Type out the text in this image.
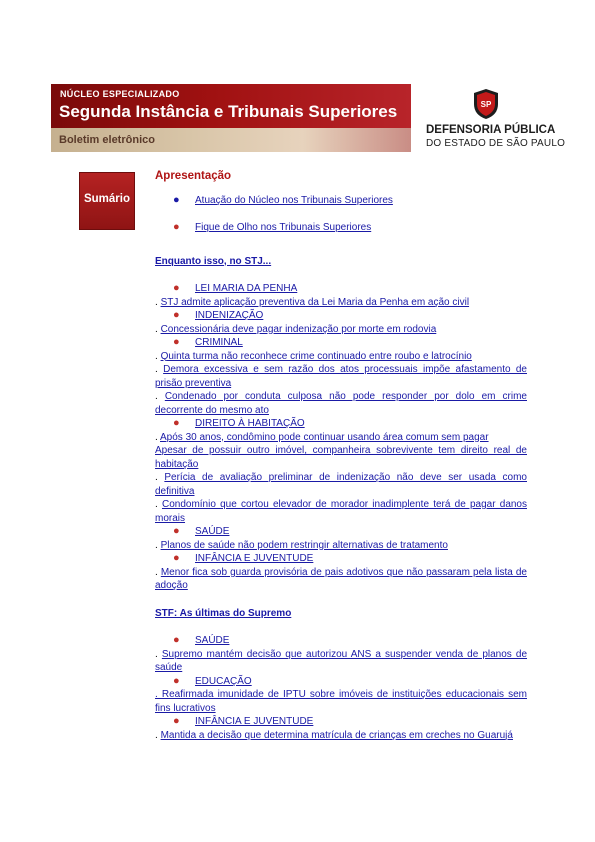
NÚCLEO ESPECIALIZADO
Segunda Instância e Tribunais Superiores
Boletim eletrônico
SP
DEFENSORIA PÚBLICA
DO ESTADO DE SÃO PAULO
Sumário
Apresentação
● Atuação do Núcleo nos Tribunais Superiores
● Fique de Olho nos Tribunais Superiores
Enquanto isso, no STJ...
● LEI MARIA DA PENHA
. STJ admite aplicação preventiva da Lei Maria da Penha em ação civil
● INDENIZAÇÃO
. Concessionária deve pagar indenização por morte em rodovia
● CRIMINAL
. Quinta turma não reconhece crime continuado entre roubo e latrocínio
. Demora excessiva e sem razão dos atos processuais impõe afastamento de prisão preventiva
. Condenado por conduta culposa não pode responder por dolo em crime decorrente do mesmo ato
● DIREITO À HABITAÇÃO
. Após 30 anos, condômino pode continuar usando área comum sem pagar
Apesar de possuir outro imóvel, companheira sobrevivente tem direito real de habitação
. Perícia de avaliação preliminar de indenização não deve ser usada como definitiva
. Condomínio que cortou elevador de morador inadimplente terá de pagar danos morais
● SAÚDE
. Planos de saúde não podem restringir alternativas de tratamento
● INFÂNCIA E JUVENTUDE
. Menor fica sob guarda provisória de pais adotivos que não passaram pela lista de adoção
STF: As últimas do Supremo
● SAÚDE
. Supremo mantém decisão que autorizou ANS a suspender venda de planos de saúde
● EDUCAÇÃO
. Reafirmada imunidade de IPTU sobre imóveis de instituições educacionais sem fins lucrativos
● INFÂNCIA E JUVENTUDE
. Mantida a decisão que determina matrícula de crianças em creches no Guarujá
